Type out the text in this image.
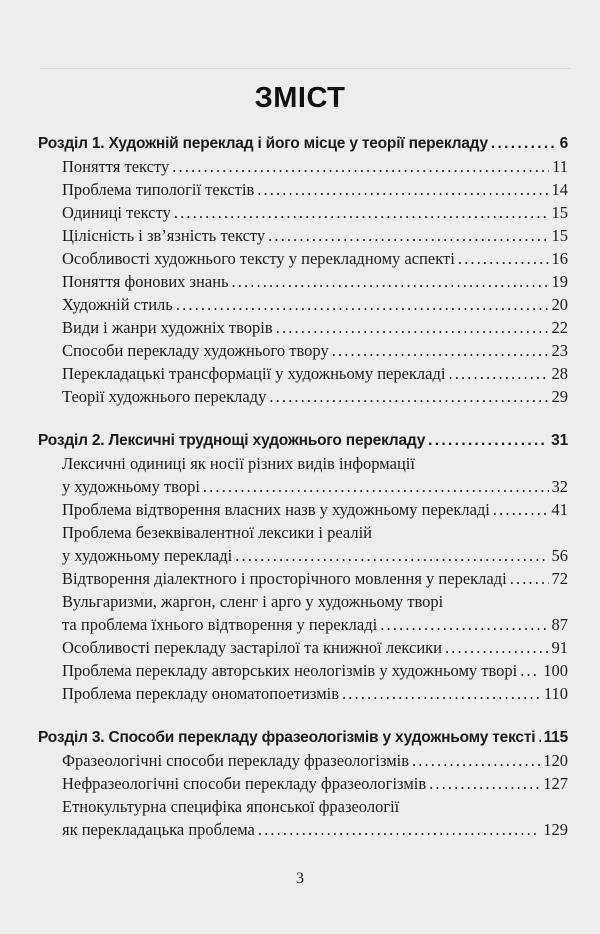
ЗМІСТ
Розділ 1. Художній переклад і його місце у теорії перекладу . . .	6
Поняття тексту . . .	11
Проблема типології текстів . . .	14
Одиниці тексту . . .	15
Цілісність і зв’язність тексту . . .	15
Особливості художнього тексту у перекладному аспекті . . .	16
Поняття фонових знань . . .	19
Художній стиль . . .	20
Види і жанри художніх творів . . .	22
Способи перекладу художнього твору . . .	23
Перекладацькі трансформації у художньому перекладі . . .	28
Теорії художнього перекладу . . .	29
Розділ 2. Лексичні труднощі художнього перекладу . . .	31
Лексичні одиниці як носії різних видів інформації
у художньому творі . . .	32
Проблема відтворення власних назв у художньому перекладі . . .	41
Проблема безеквівалентної лексики і реалій
у художньому перекладі . . .	56
Відтворення діалектного і просторічного мовлення у перекладі . . .	72
Вульгаризми, жаргон, сленг і арго у художньому творі
та проблема їхнього відтворення у перекладі . . .	87
Особливості перекладу застарілої та книжної лексики . . .	91
Проблема перекладу авторських неологізмів у художньому творі . . . 100
Проблема перекладу ономатопоетизмів . . .	110
Розділ 3. Способи перекладу фразеологізмів у художньому тексті . . . 115
Фразеологічні способи перекладу фразеологізмів . . .	120
Нефразеологічні способи перекладу фразеологізмів . . .	127
Етнокультурна специфіка японської фразеології
як перекладацька проблема . . .	129
3
